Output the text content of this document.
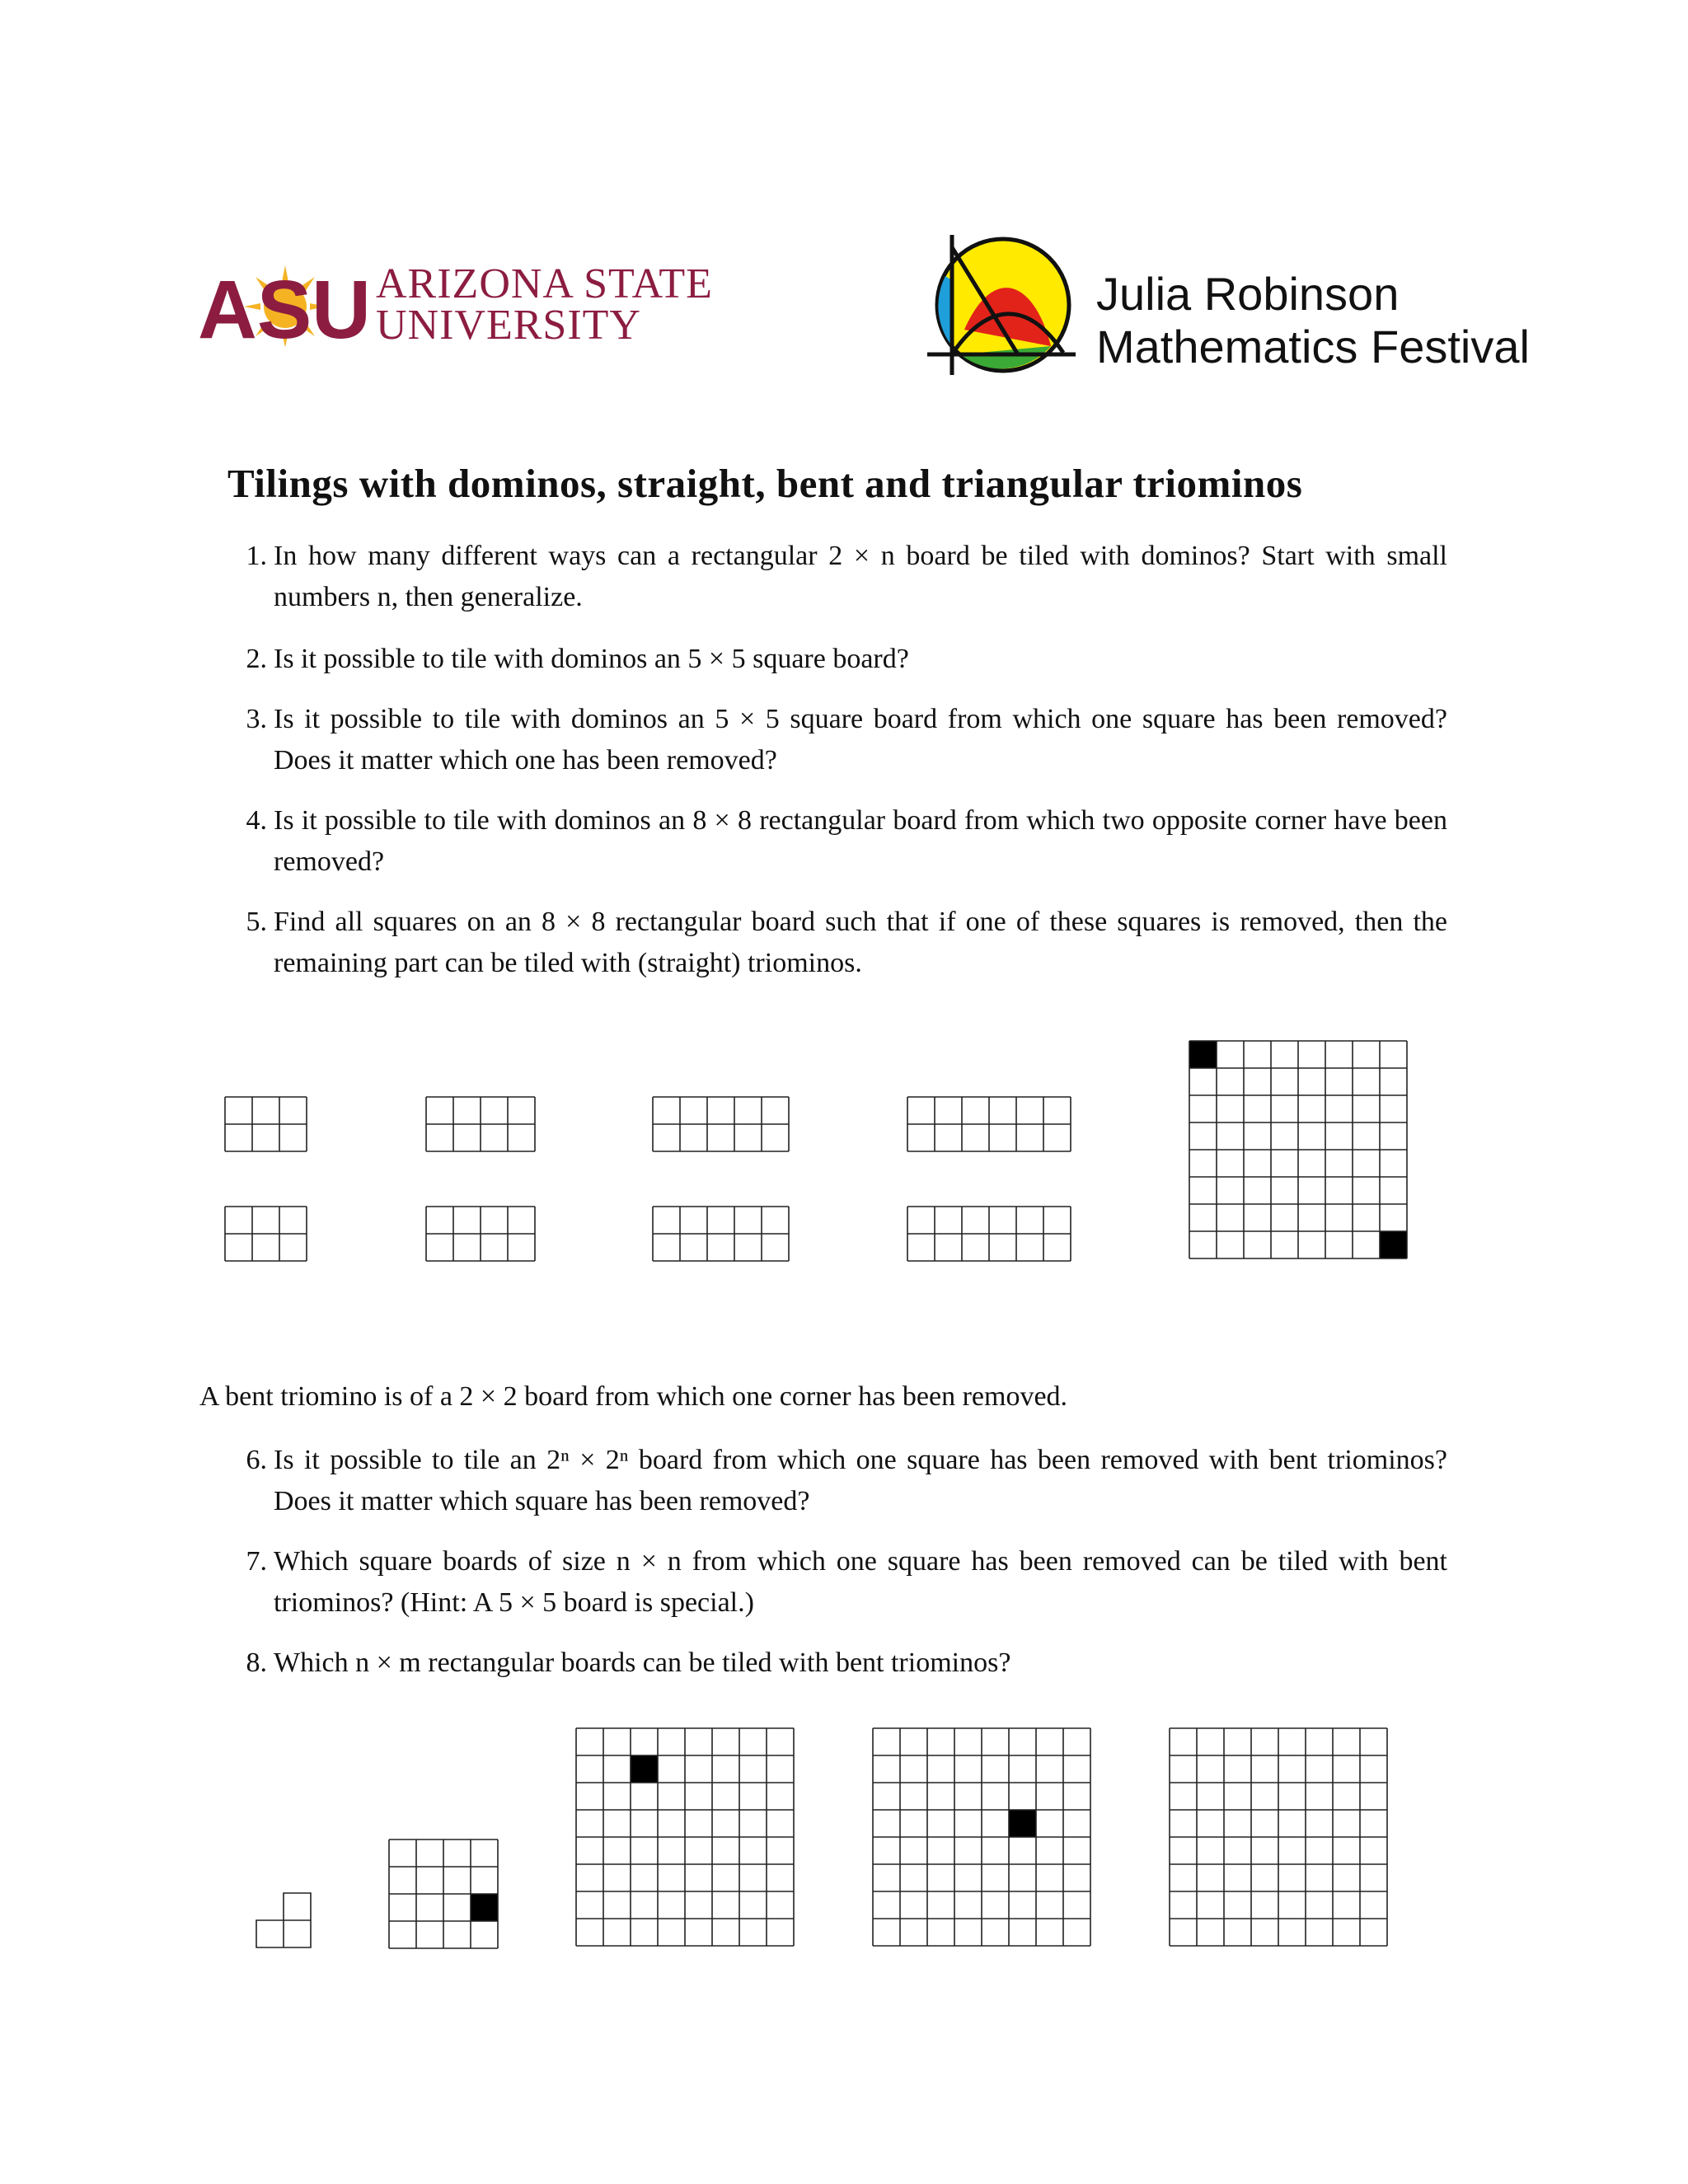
ASU ARIZONA STATE
UNIVERSITY
Julia Robinson
Mathematics Festival
Tilings with dominos, straight, bent and triangular triominos
1. In how many different ways can a rectangular 2 × n board be tiled with dominos? Start with small numbers n, then generalize.
2. Is it possible to tile with dominos an 5 × 5 square board?
3. Is it possible to tile with dominos an 5 × 5 square board from which one square has been removed? Does it matter which one has been removed?
4. Is it possible to tile with dominos an 8 × 8 rectangular board from which two opposite corner have been removed?
5. Find all squares on an 8 × 8 rectangular board such that if one of these squares is removed, then the remaining part can be tiled with (straight) triominos.
A bent triomino is of a 2 × 2 board from which one corner has been removed.
6. Is it possible to tile an 2ⁿ × 2ⁿ board from which one square has been removed with bent triominos? Does it matter which square has been removed?
7. Which square boards of size n × n from which one square has been removed can be tiled with bent triominos? (Hint: A 5 × 5 board is special.)
8. Which n × m rectangular boards can be tiled with bent triominos?
